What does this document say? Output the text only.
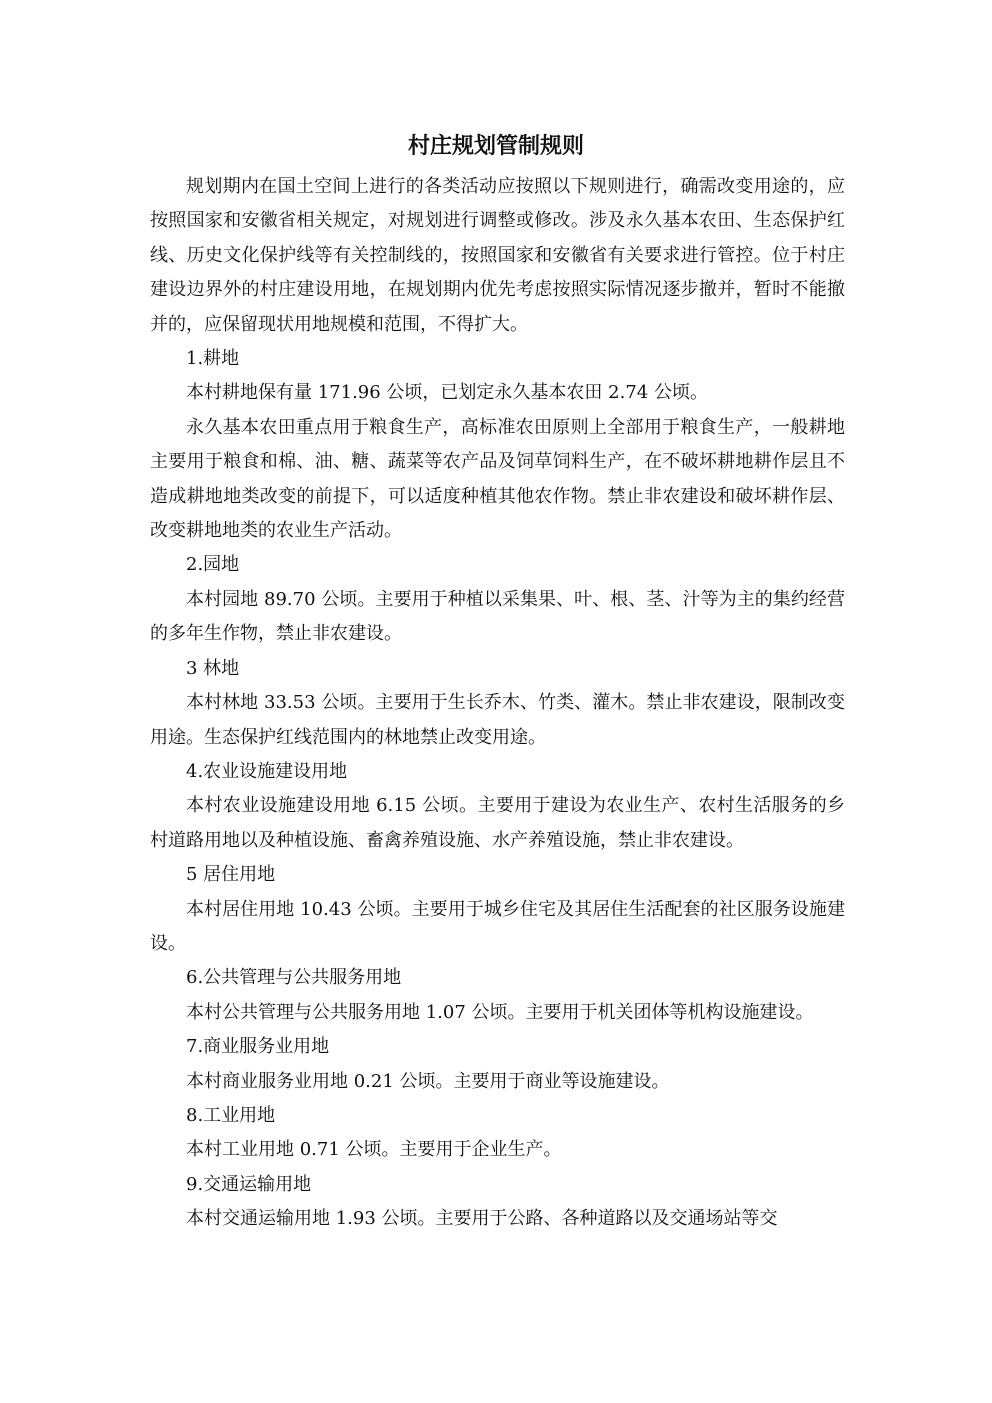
村庄规划管制规则

规划期内在国土空间上进行的各类活动应按照以下规则进行，确需改变用途的，应按照国家和安徽省相关规定，对规划进行调整或修改。涉及永久基本农田、生态保护红线、历史文化保护线等有关控制线的，按照国家和安徽省有关要求进行管控。位于村庄建设边界外的村庄建设用地，在规划期内优先考虑按照实际情况逐步撤并，暂时不能撤并的，应保留现状用地规模和范围，不得扩大。

1.耕地

本村耕地保有量 171.96 公顷，已划定永久基本农田 2.74 公顷。

永久基本农田重点用于粮食生产，高标准农田原则上全部用于粮食生产，一般耕地主要用于粮食和棉、油、糖、蔬菜等农产品及饲草饲料生产，在不破坏耕地耕作层且不造成耕地地类改变的前提下，可以适度种植其他农作物。禁止非农建设和破坏耕作层、改变耕地地类的农业生产活动。

2.园地

本村园地 89.70 公顷。主要用于种植以采集果、叶、根、茎、汁等为主的集约经营的多年生作物，禁止非农建设。

3 林地

本村林地 33.53 公顷。主要用于生长乔木、竹类、灌木。禁止非农建设，限制改变用途。生态保护红线范围内的林地禁止改变用途。

4.农业设施建设用地

本村农业设施建设用地 6.15 公顷。主要用于建设为农业生产、农村生活服务的乡村道路用地以及种植设施、畜禽养殖设施、水产养殖设施，禁止非农建设。

5 居住用地

本村居住用地 10.43 公顷。主要用于城乡住宅及其居住生活配套的社区服务设施建设。

6.公共管理与公共服务用地

本村公共管理与公共服务用地 1.07 公顷。主要用于机关团体等机构设施建设。

7.商业服务业用地

本村商业服务业用地 0.21 公顷。主要用于商业等设施建设。

8.工业用地

本村工业用地 0.71 公顷。主要用于企业生产。

9.交通运输用地

本村交通运输用地 1.93 公顷。主要用于公路、各种道路以及交通场站等交
